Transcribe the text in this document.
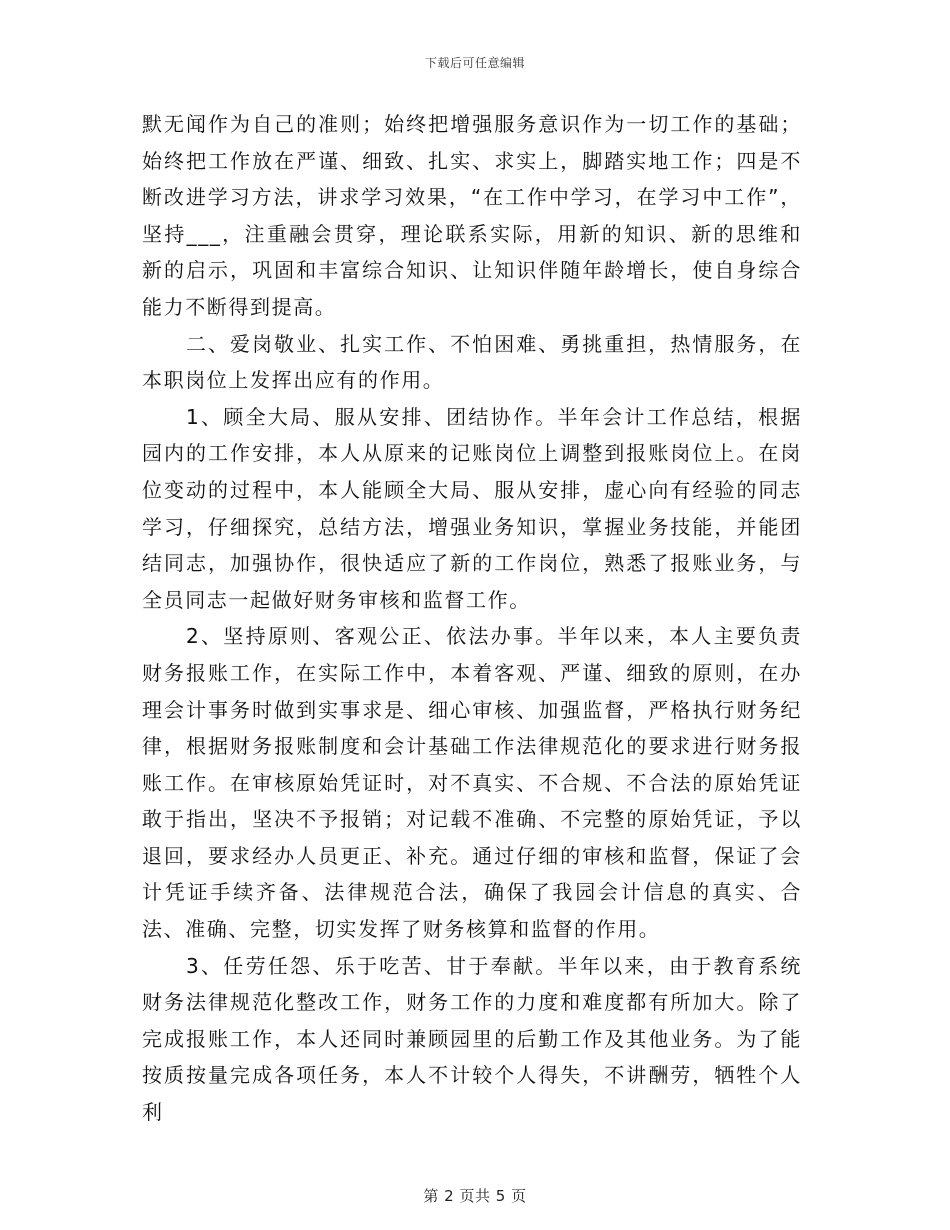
下载后可任意编辑

默无闻作为自己的准则；始终把增强服务意识作为一切工作的基础；始终把工作放在严谨、细致、扎实、求实上，脚踏实地工作；四是不断改进学习方法，讲求学习效果，“在工作中学习，在学习中工作”，坚持___，注重融会贯穿，理论联系实际，用新的知识、新的思维和新的启示，巩固和丰富综合知识、让知识伴随年龄增长，使自身综合能力不断得到提高。

二、爱岗敬业、扎实工作、不怕困难、勇挑重担，热情服务，在本职岗位上发挥出应有的作用。

1、顾全大局、服从安排、团结协作。半年会计工作总结，根据园内的工作安排，本人从原来的记账岗位上调整到报账岗位上。在岗位变动的过程中，本人能顾全大局、服从安排，虚心向有经验的同志学习，仔细探究，总结方法，增强业务知识，掌握业务技能，并能团结同志，加强协作，很快适应了新的工作岗位，熟悉了报账业务，与全员同志一起做好财务审核和监督工作。

2、坚持原则、客观公正、依法办事。半年以来，本人主要负责财务报账工作，在实际工作中，本着客观、严谨、细致的原则，在办理会计事务时做到实事求是、细心审核、加强监督，严格执行财务纪律，根据财务报账制度和会计基础工作法律规范化的要求进行财务报账工作。在审核原始凭证时，对不真实、不合规、不合法的原始凭证敢于指出，坚决不予报销；对记载不准确、不完整的原始凭证，予以退回，要求经办人员更正、补充。通过仔细的审核和监督，保证了会计凭证手续齐备、法律规范合法，确保了我园会计信息的真实、合法、准确、完整，切实发挥了财务核算和监督的作用。

3、任劳任怨、乐于吃苦、甘于奉献。半年以来，由于教育系统财务法律规范化整改工作，财务工作的力度和难度都有所加大。除了完成报账工作，本人还同时兼顾园里的后勤工作及其他业务。为了能按质按量完成各项任务，本人不计较个人得失，不讲酬劳，牺牲个人利

第 2 页共 5 页
